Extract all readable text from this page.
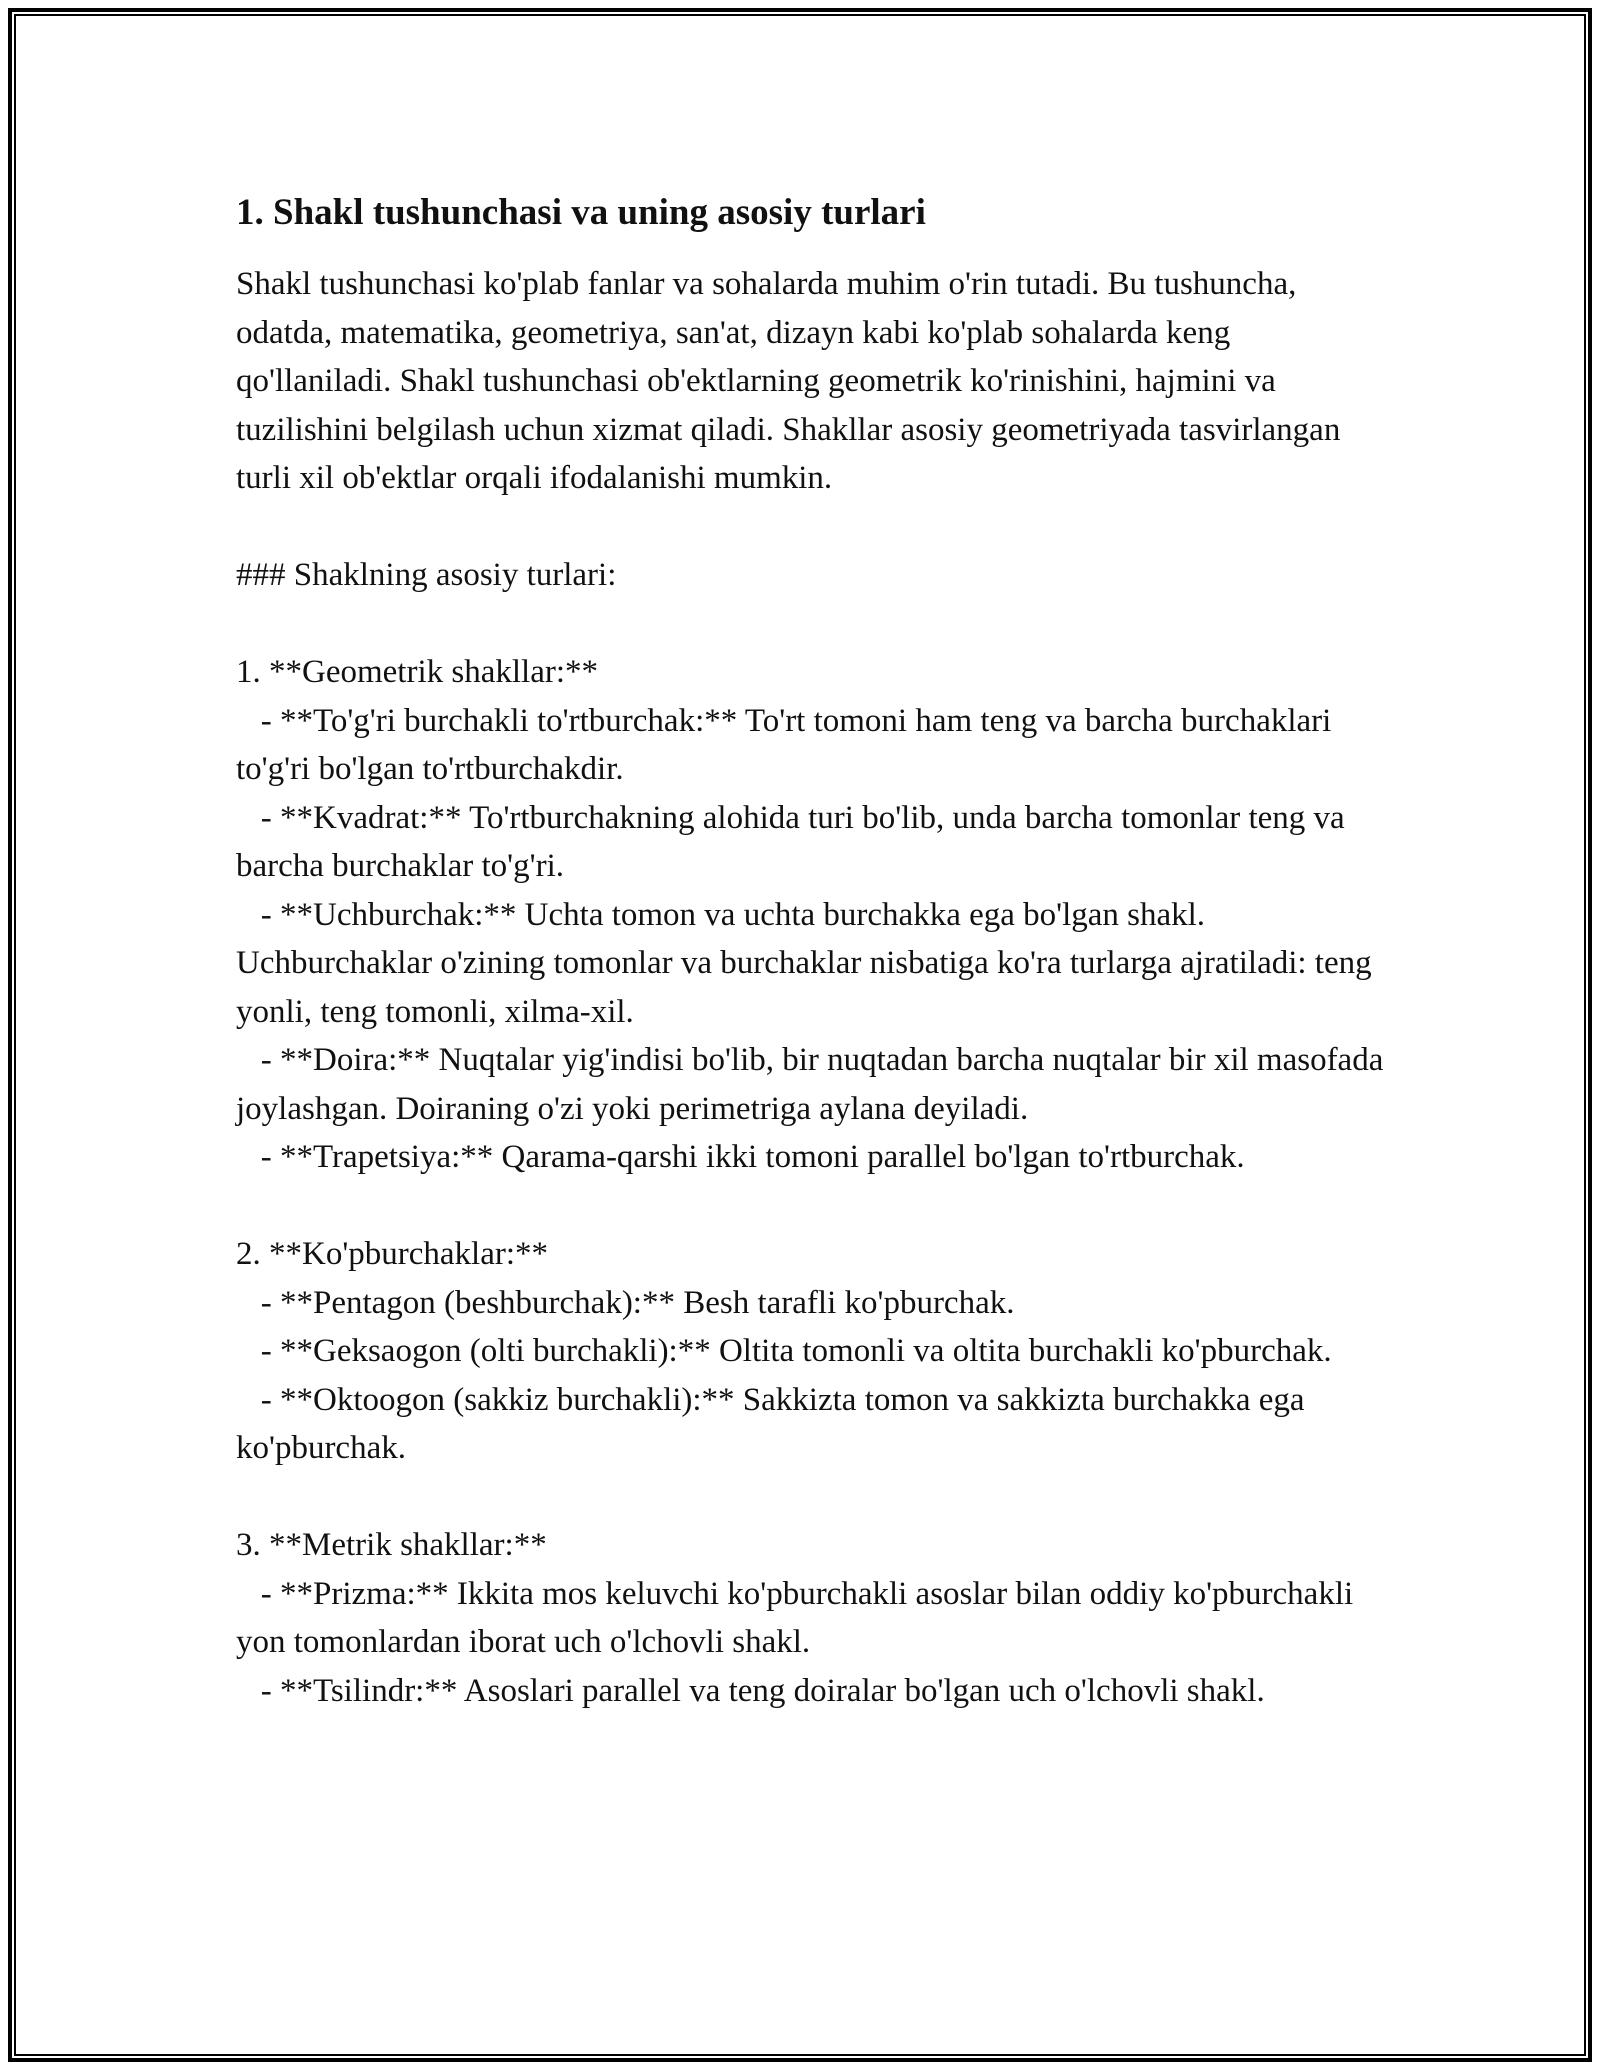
1. Shakl tushunchasi va uning asosiy turlari

Shakl tushunchasi ko'plab fanlar va sohalarda muhim o'rin tutadi. Bu tushuncha, odatda, matematika, geometriya, san'at, dizayn kabi ko'plab sohalarda keng qo'llaniladi. Shakl tushunchasi ob'ektlarning geometrik ko'rinishini, hajmini va tuzilishini belgilash uchun xizmat qiladi. Shakllar asosiy geometriyada tasvirlangan turli xil ob'ektlar orqali ifodalanishi mumkin.

### Shaklning asosiy turlari:

1. **Geometrik shakllar:**

- **To'g'ri burchakli to'rtburchak:** To'rt tomoni ham teng va barcha burchaklari to'g'ri bo'lgan to'rtburchakdir.

- **Kvadrat:** To'rtburchakning alohida turi bo'lib, unda barcha tomonlar teng va barcha burchaklar to'g'ri.

- **Uchburchak:** Uchta tomon va uchta burchakka ega bo'lgan shakl. Uchburchaklar o'zining tomonlar va burchaklar nisbatiga ko'ra turlarga ajratiladi: teng yonli, teng tomonli, xilma-xil.

- **Doira:** Nuqtalar yig'indisi bo'lib, bir nuqtadan barcha nuqtalar bir xil masofada joylashgan. Doiraning o'zi yoki perimetriga aylana deyiladi.

- **Trapetsiya:** Qarama-qarshi ikki tomoni parallel bo'lgan to'rtburchak.

2. **Ko'pburchaklar:**

- **Pentagon (beshburchak):** Besh tarafli ko'pburchak.

- **Geksaogon (olti burchakli):** Oltita tomonli va oltita burchakli ko'pburchak.

- **Oktoogon (sakkiz burchakli):** Sakkizta tomon va sakkizta burchakka ega ko'pburchak.

3. **Metrik shakllar:**

- **Prizma:** Ikkita mos keluvchi ko'pburchakli asoslar bilan oddiy ko'pburchakli yon tomonlardan iborat uch o'lchovli shakl.

- **Tsilindr:** Asoslari parallel va teng doiralar bo'lgan uch o'lchovli shakl.
